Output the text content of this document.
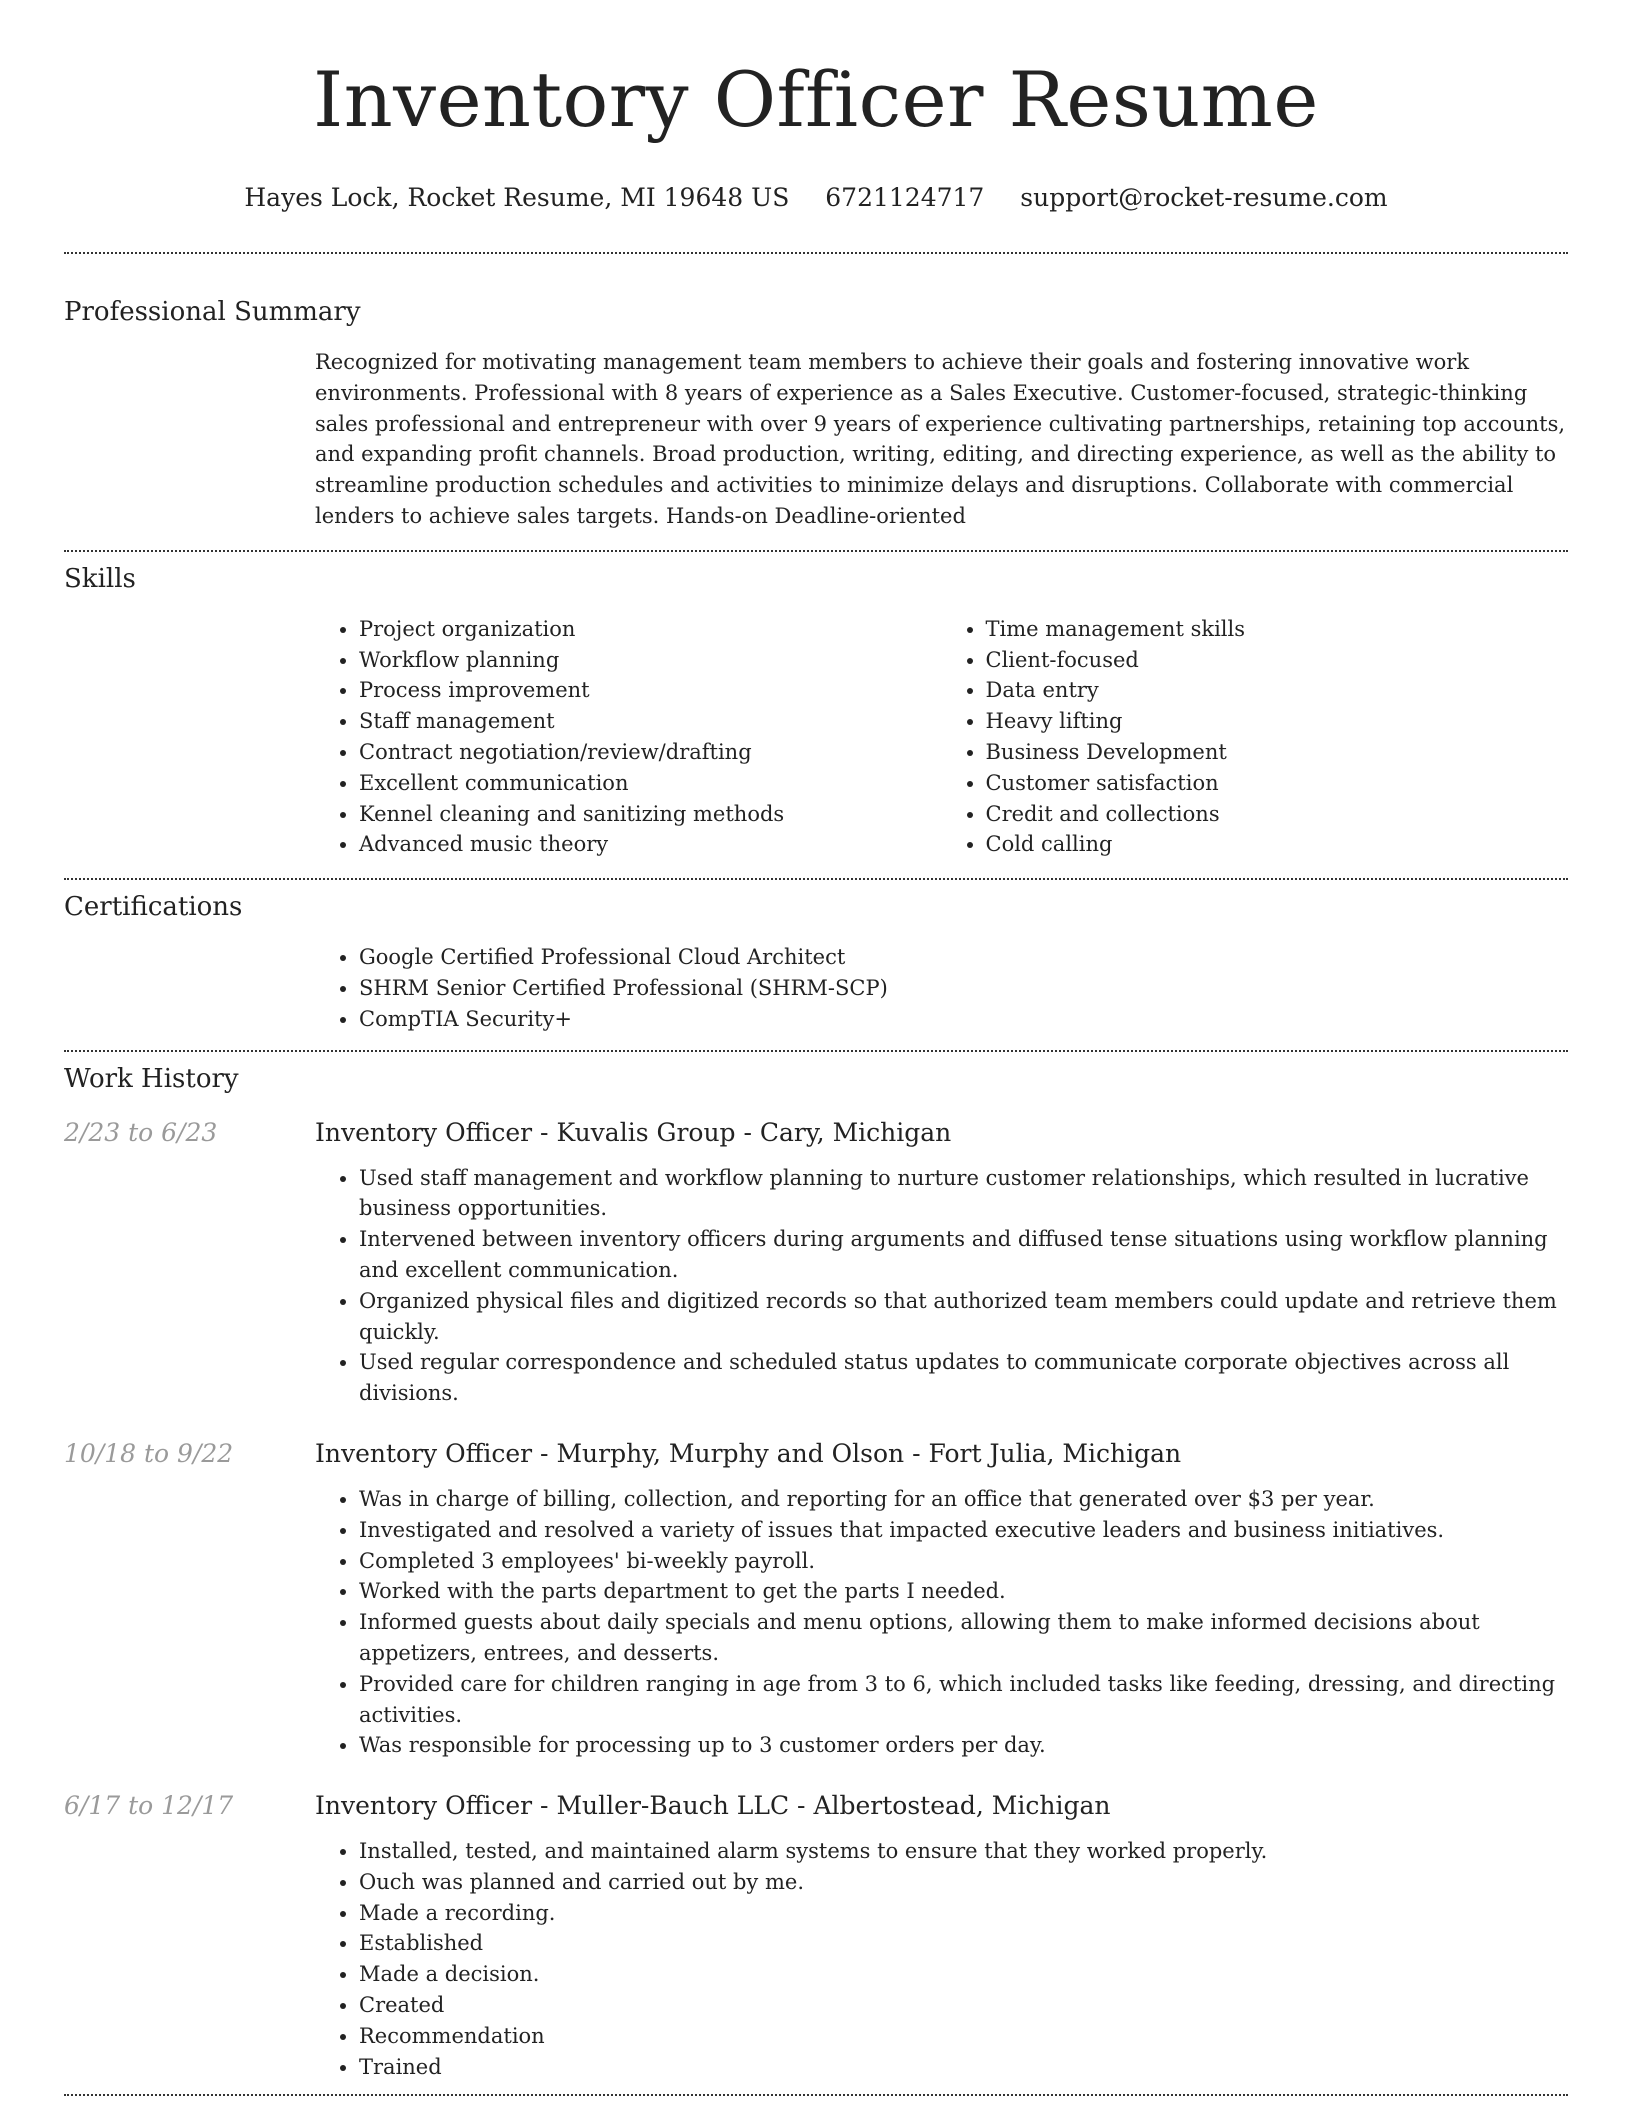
Inventory Officer Resume
Hayes Lock, Rocket Resume, MI 19648 US 6721124717 support@rocket-resume.com
Professional Summary
Recognized for motivating management team members to achieve their goals and fostering innovative work environments. Professional with 8 years of experience as a Sales Executive. Customer-focused, strategic-thinking sales professional and entrepreneur with over 9 years of experience cultivating partnerships, retaining top accounts, and expanding profit channels. Broad production, writing, editing, and directing experience, as well as the ability to streamline production schedules and activities to minimize delays and disruptions. Collaborate with commercial lenders to achieve sales targets. Hands-on Deadline-oriented
Skills
• Project organization
• Workflow planning
• Process improvement
• Staff management
• Contract negotiation/review/drafting
• Excellent communication
• Kennel cleaning and sanitizing methods
• Advanced music theory
• Time management skills
• Client-focused
• Data entry
• Heavy lifting
• Business Development
• Customer satisfaction
• Credit and collections
• Cold calling
Certifications
• Google Certified Professional Cloud Architect
• SHRM Senior Certified Professional (SHRM-SCP)
• CompTIA Security+
Work History
2/23 to 6/23	Inventory Officer - Kuvalis Group - Cary, Michigan
• Used staff management and workflow planning to nurture customer relationships, which resulted in lucrative business opportunities.
• Intervened between inventory officers during arguments and diffused tense situations using workflow planning and excellent communication.
• Organized physical files and digitized records so that authorized team members could update and retrieve them quickly.
• Used regular correspondence and scheduled status updates to communicate corporate objectives across all divisions.
10/18 to 9/22	Inventory Officer - Murphy, Murphy and Olson - Fort Julia, Michigan
• Was in charge of billing, collection, and reporting for an office that generated over $3 per year.
• Investigated and resolved a variety of issues that impacted executive leaders and business initiatives.
• Completed 3 employees' bi-weekly payroll.
• Worked with the parts department to get the parts I needed.
• Informed guests about daily specials and menu options, allowing them to make informed decisions about appetizers, entrees, and desserts.
• Provided care for children ranging in age from 3 to 6, which included tasks like feeding, dressing, and directing activities.
• Was responsible for processing up to 3 customer orders per day.
6/17 to 12/17	Inventory Officer - Muller-Bauch LLC - Albertostead, Michigan
• Installed, tested, and maintained alarm systems to ensure that they worked properly.
• Ouch was planned and carried out by me.
• Made a recording.
• Established
• Made a decision.
• Created
• Recommendation
• Trained
